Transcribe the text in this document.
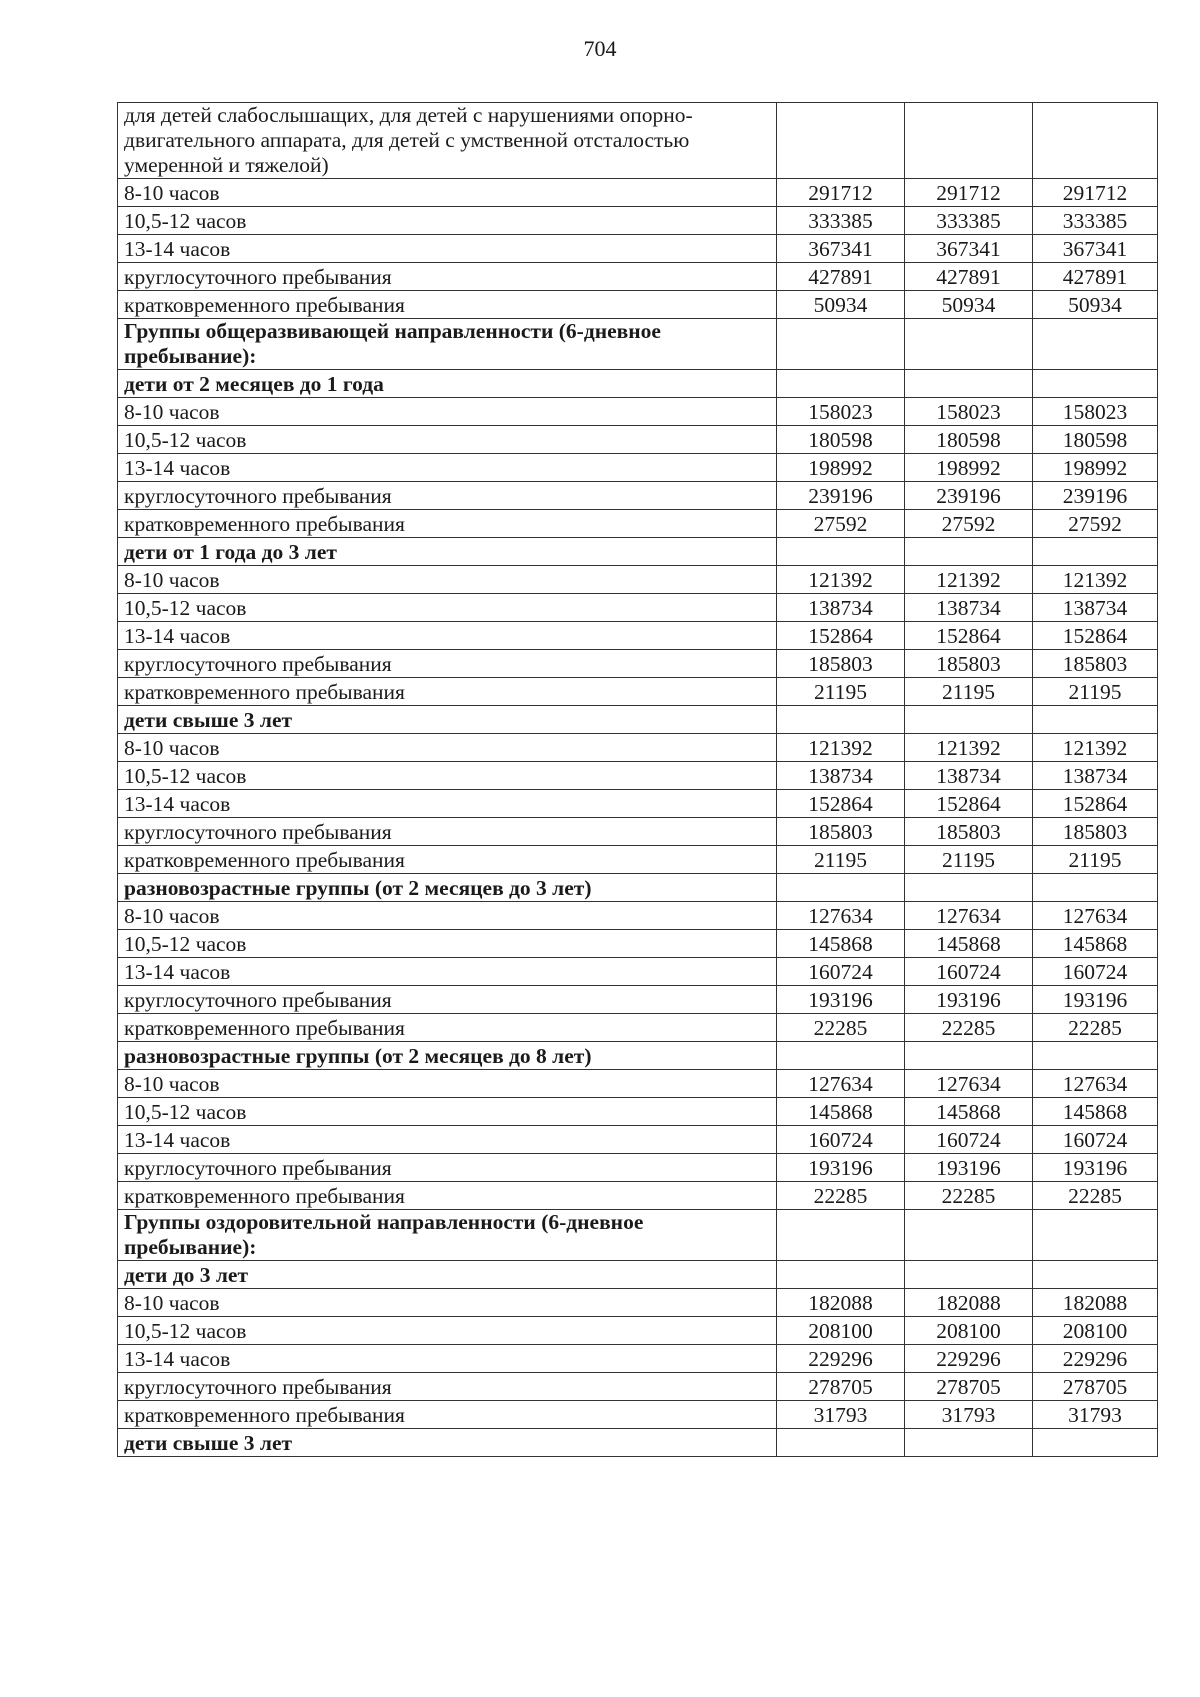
704
для детей слабослышащих, для детей с нарушениями опорно-двигательного аппарата, для детей с умственной отсталостью умеренной и тяжелой)			
8-10 часов	291712	291712	291712
10,5-12 часов	333385	333385	333385
13-14 часов	367341	367341	367341
круглосуточного пребывания	427891	427891	427891
кратковременного пребывания	50934	50934	50934
Группы общеразвивающей направленности (6-дневное пребывание):			
дети от 2 месяцев до 1 года			
8-10 часов	158023	158023	158023
10,5-12 часов	180598	180598	180598
13-14 часов	198992	198992	198992
круглосуточного пребывания	239196	239196	239196
кратковременного пребывания	27592	27592	27592
дети от 1 года до 3 лет			
8-10 часов	121392	121392	121392
10,5-12 часов	138734	138734	138734
13-14 часов	152864	152864	152864
круглосуточного пребывания	185803	185803	185803
кратковременного пребывания	21195	21195	21195
дети свыше 3 лет			
8-10 часов	121392	121392	121392
10,5-12 часов	138734	138734	138734
13-14 часов	152864	152864	152864
круглосуточного пребывания	185803	185803	185803
кратковременного пребывания	21195	21195	21195
разновозрастные группы (от 2 месяцев до 3 лет)			
8-10 часов	127634	127634	127634
10,5-12 часов	145868	145868	145868
13-14 часов	160724	160724	160724
круглосуточного пребывания	193196	193196	193196
кратковременного пребывания	22285	22285	22285
разновозрастные группы (от 2 месяцев до 8 лет)			
8-10 часов	127634	127634	127634
10,5-12 часов	145868	145868	145868
13-14 часов	160724	160724	160724
круглосуточного пребывания	193196	193196	193196
кратковременного пребывания	22285	22285	22285
Группы оздоровительной направленности (6-дневное пребывание):			
дети до 3 лет			
8-10 часов	182088	182088	182088
10,5-12 часов	208100	208100	208100
13-14 часов	229296	229296	229296
круглосуточного пребывания	278705	278705	278705
кратковременного пребывания	31793	31793	31793
дети свыше 3 лет			
